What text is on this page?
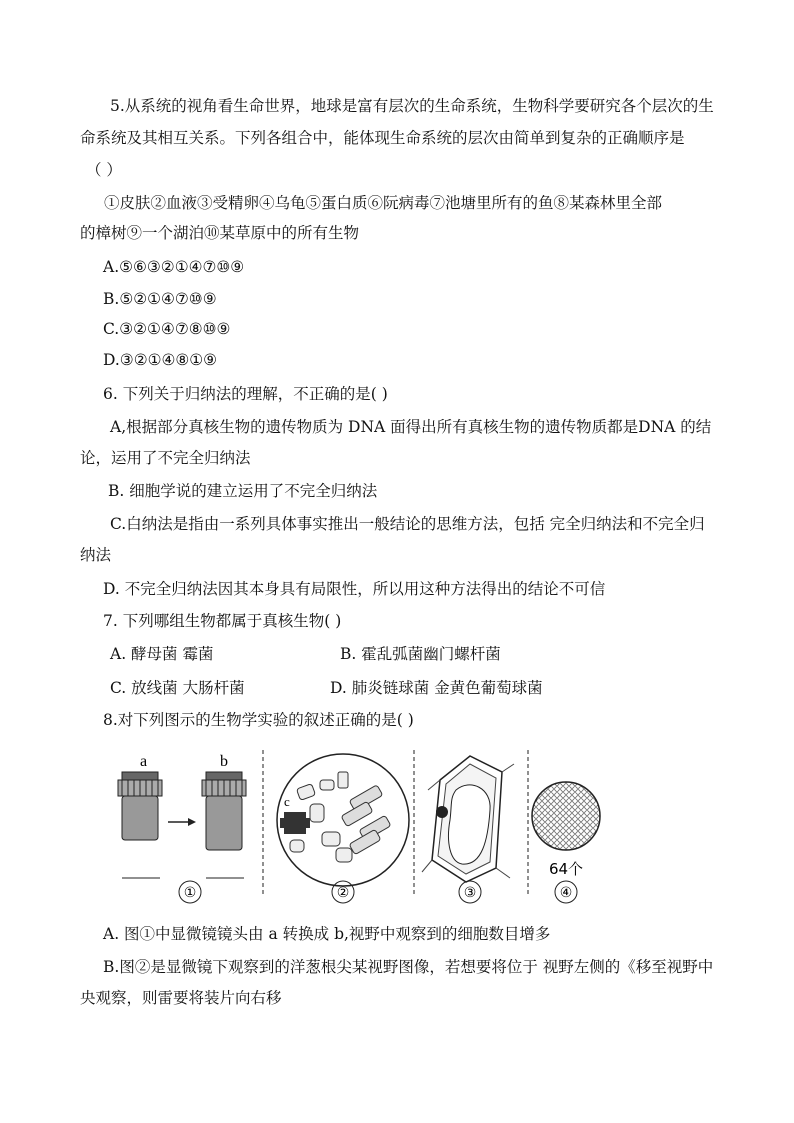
5.从系统的视角看生命世界，地球是富有层次的生命系统，生物科学要研究各个层次的生
命系统及其相互关系。下列各组合中，能体现生命系统的层次由简单到复杂的正确顺序是
（ ）
①皮肤②血液③受精卵④乌龟⑤蛋白质⑥阮病毒⑦池塘里所有的鱼⑧某森林里全部
的樟树⑨一个湖泊⑩某草原中的所有生物
A.⑤⑥③②①④⑦⑩⑨
B.⑤②①④⑦⑩⑨
C.③②①④⑦⑧⑩⑨
D.③②①④⑧①⑨
6. 下列关于归纳法的理解，不正确的是( )
A,根据部分真核生物的遗传物质为 DNA 面得出所有真核生物的遗传物质都是DNA 的结
论，运用了不完全归纳法
B. 细胞学说的建立运用了不完全归纳法
C.白纳法是指由一系列具体事实推出一般结论的思维方法，包括 完全归纳法和不完全归
纳法
D. 不完全归纳法因其本身具有局限性，所以用这种方法得出的结论不可信
7. 下列哪组生物都属于真核生物( )
A. 酵母菌 霉菌	B. 霍乱弧菌幽门螺杆菌
C. 放线菌 大肠杆菌	D. 肺炎链球菌 金黄色葡萄球菌
8.对下列图示的生物学实验的叙述正确的是( )
a	b
①
c
②	③
64个
④
A. 图①中显微镜镜头由 a 转换成 b,视野中观察到的细胞数目增多
B.图②是显微镜下观察到的洋葱根尖某视野图像，若想要将位于 视野左侧的《移至视野中
央观察，则雷要将装片向右移
